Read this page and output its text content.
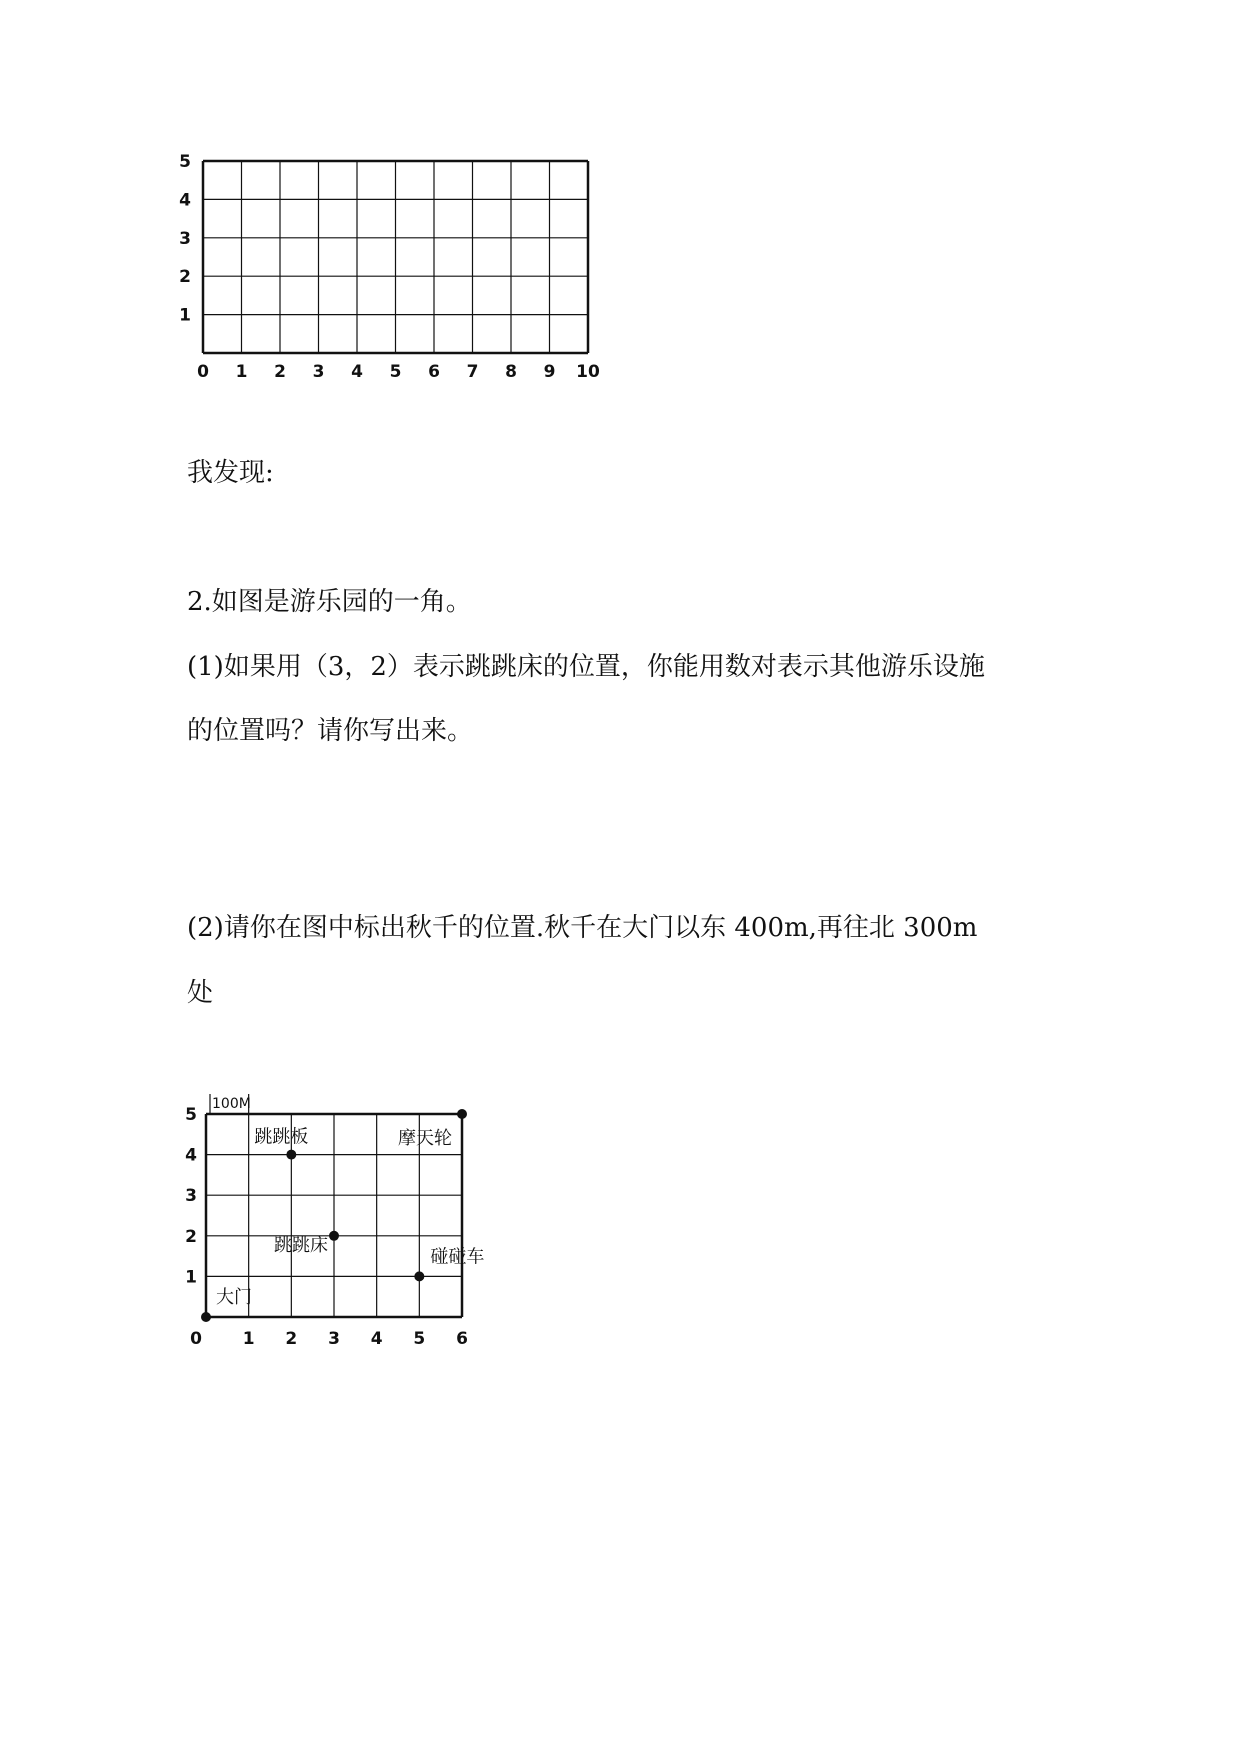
0 1 2 3 4 5 6 7 8 9 10
1
2
3
4
5

我发现:

2.如图是游乐园的一角。

(1)如果用（3，2）表示跳跳床的位置，你能用数对表示其他游乐设施

的位置吗？请你写出来。

(2)请你在图中标出秋千的位置.秋千在大门以东 400m,再往北 300m

处

100M
0 1 2 3 4 5 6
1
2
3
4
5
大门
跳跳板
跳跳床
碰碰车
摩天轮
